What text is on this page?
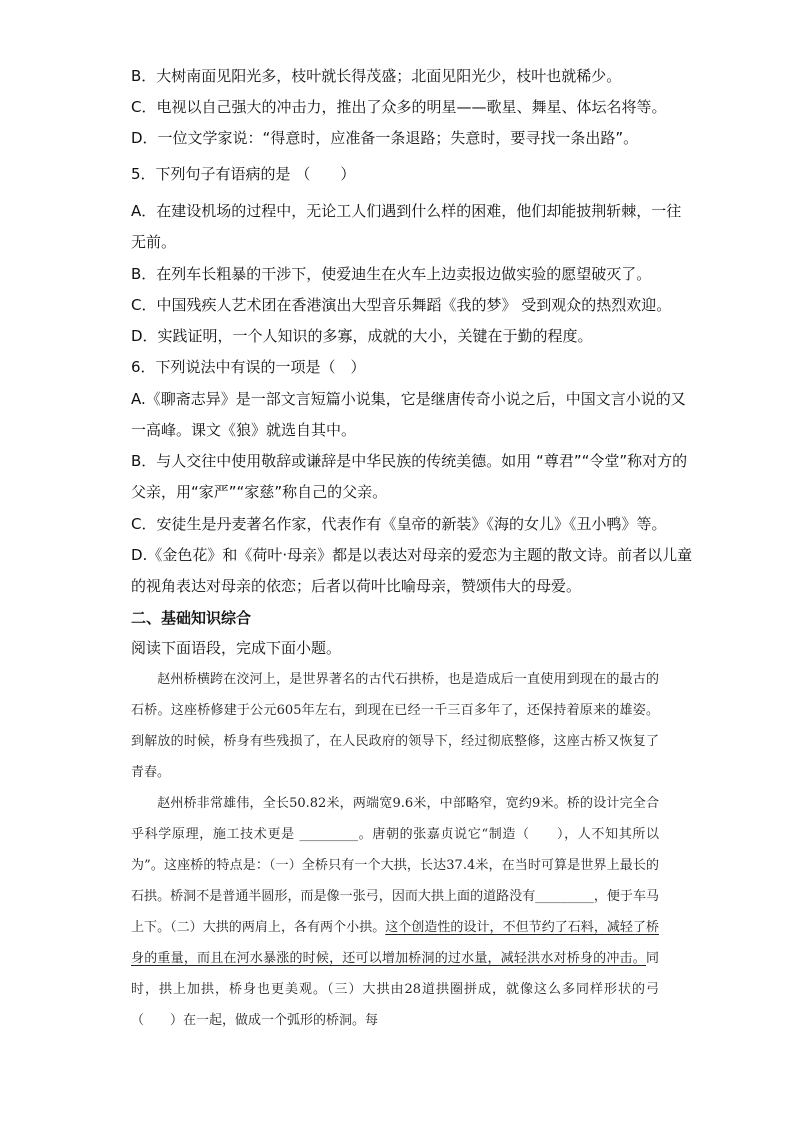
B．大树南面见阳光多，枝叶就长得茂盛；北面见阳光少，枝叶也就稀少。
C．电视以自己强大的冲击力，推出了众多的明星——歌星、舞星、体坛名将等。
D．一位文学家说：“得意时，应准备一条退路；失意时，要寻找一条出路”。
5．下列句子有语病的是 （　　）
A．在建设机场的过程中，无论工人们遇到什么样的困难，他们却能披荆斩棘，一往
无前。
B．在列车长粗暴的干涉下，使爱迪生在火车上边卖报边做实验的愿望破灭了。
C．中国残疾人艺术团在香港演出大型音乐舞蹈《我的梦》 受到观众的热烈欢迎。
D．实践证明，一个人知识的多寡，成就的大小，关键在于勤的程度。
6．下列说法中有误的一项是（　）
A.《聊斋志异》是一部文言短篇小说集，它是继唐传奇小说之后，中国文言小说的又
一高峰。课文《狼》就选自其中。
B．与人交往中使用敬辞或谦辞是中华民族的传统美德。如用 “尊君”“令堂”称对方的
父亲，用“家严”“家慈”称自己的父亲。
C．安徒生是丹麦著名作家，代表作有《皇帝的新装》《海的女儿》《丑小鸭》等。
D.《金色花》和《荷叶·母亲》都是以表达对母亲的爱恋为主题的散文诗。前者以儿童
的视角表达对母亲的依恋；后者以荷叶比喻母亲，赞颂伟大的母爱。
二、基础知识综合
阅读下面语段，完成下面小题。
赵州桥横跨在洨河上，是世界著名的古代石拱桥，也是造成后一直使用到现在的最古的石桥。这座桥修建于公元605年左右，到现在已经一千三百多年了，还保持着原来的雄姿。到解放的时候，桥身有些残损了，在人民政府的领导下，经过彻底整修，这座古桥又恢复了青春。
赵州桥非常雄伟，全长50.82米，两端宽9.6米，中部略窄，宽约9米。桥的设计完全合乎科学原理，施工技术更是 _________。唐朝的张嘉贞说它“制造（　　），人不知其所以为”。这座桥的特点是：（一）全桥只有一个大拱，长达37.4米，在当时可算是世界上最长的石拱。桥洞不是普通半圆形，而是像一张弓，因而大拱上面的道路没有_________，便于车马上下。（二）大拱的两肩上，各有两个小拱。这个创造性的设计，不但节约了石料，减轻了桥身的重量，而且在河水暴涨的时候，还可以增加桥洞的过水量，减轻洪水对桥身的冲击。同时，拱上加拱，桥身也更美观。（三）大拱由28道拱圈拼成，就像这么多同样形状的弓（　　）在一起，做成一个弧形的桥洞。每
